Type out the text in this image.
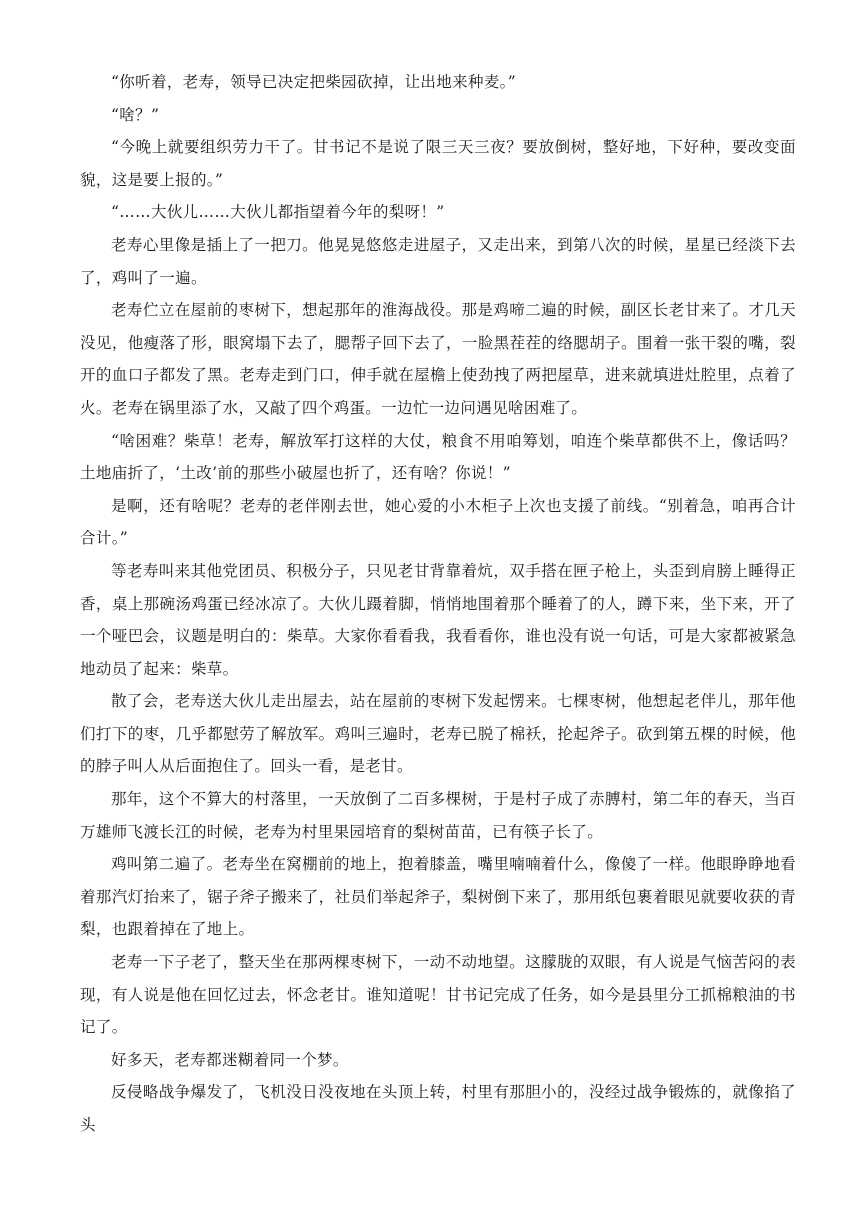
“你听着，老寿，领导已决定把柴园砍掉，让出地来种麦。”

“啥？”

“今晚上就要组织劳力干了。甘书记不是说了限三天三夜？要放倒树，整好地，下好种，要改变面貌，这是要上报的。”

“……大伙儿……大伙儿都指望着今年的梨呀！”

老寿心里像是插上了一把刀。他晃晃悠悠走进屋子，又走出来，到第八次的时候，星星已经淡下去了，鸡叫了一遍。

老寿伫立在屋前的枣树下，想起那年的淮海战役。那是鸡啼二遍的时候，副区长老甘来了。才几天没见，他瘦落了形，眼窝塌下去了，腮帮子回下去了，一脸黑茬茬的络腮胡子。围着一张干裂的嘴，裂开的血口子都发了黑。老寿走到门口，伸手就在屋檐上使劲拽了两把屋草，进来就填进灶腔里，点着了火。老寿在锅里添了水，又敲了四个鸡蛋。一边忙一边问遇见啥困难了。

“啥困难？柴草！老寿，解放军打这样的大仗，粮食不用咱筹划，咱连个柴草都供不上，像话吗？土地庙折了，‘土改’前的那些小破屋也折了，还有啥？你说！”

是啊，还有啥呢？老寿的老伴刚去世，她心爱的小木柜子上次也支援了前线。“别着急，咱再合计合计。”

等老寿叫来其他党团员、积极分子，只见老甘背靠着炕，双手搭在匣子枪上，头歪到肩膀上睡得正香，桌上那碗汤鸡蛋已经冰凉了。大伙儿蹑着脚，悄悄地围着那个睡着了的人，蹲下来，坐下来，开了一个哑巴会，议题是明白的：柴草。大家你看看我，我看看你，谁也没有说一句话，可是大家都被紧急地动员了起来：柴草。

散了会，老寿送大伙儿走出屋去，站在屋前的枣树下发起愣来。七棵枣树，他想起老伴儿，那年他们打下的枣，几乎都慰劳了解放军。鸡叫三遍时，老寿已脱了棉袄，抡起斧子。砍到第五棵的时候，他的脖子叫人从后面抱住了。回头一看，是老甘。

那年，这个不算大的村落里，一天放倒了二百多棵树，于是村子成了赤膊村，第二年的春天，当百万雄师飞渡长江的时候，老寿为村里果园培育的梨树苗苗，已有筷子长了。

鸡叫第二遍了。老寿坐在窝棚前的地上，抱着膝盖，嘴里喃喃着什么，像傻了一样。他眼睁睁地看着那汽灯抬来了，锯子斧子搬来了，社员们举起斧子，梨树倒下来了，那用纸包裹着眼见就要收获的青梨，也跟着掉在了地上。

老寿一下子老了，整天坐在那两棵枣树下，一动不动地望。这朦胧的双眼，有人说是气恼苦闷的表现，有人说是他在回忆过去，怀念老甘。谁知道呢！甘书记完成了任务，如今是县里分工抓棉粮油的书记了。

好多天，老寿都迷糊着同一个梦。

反侵略战争爆发了，飞机没日没夜地在头顶上转，村里有那胆小的，没经过战争锻炼的，就像掐了头
